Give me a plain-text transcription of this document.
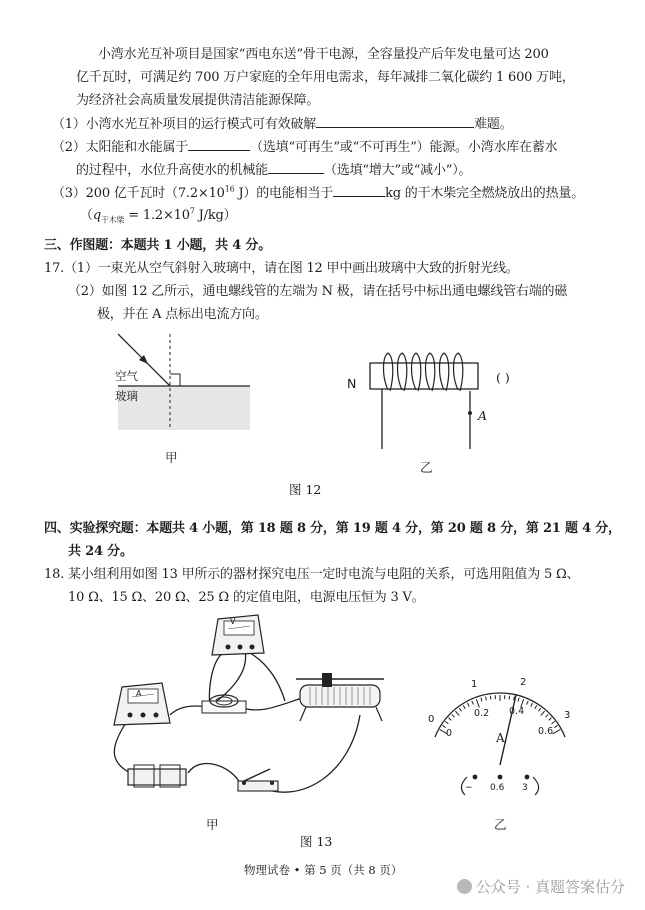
小湾水光互补项目是国家“西电东送”骨干电源，全容量投产后年发电量可达 200
亿千瓦时，可满足约 700 万户家庭的全年用电需求，每年减排二氧化碳约 1 600 万吨，
为经济社会高质量发展提供清洁能源保障。
（1）小湾水光互补项目的运行模式可有效破解	难题。
（2）太阳能和水能属于	（选填“可再生”或“不可再生”）能源。小湾水库在蓄水
的过程中，水位升高使水的机械能	（选填“增大”或“减小”）。
（3）200 亿千瓦时（$7.2\times 10^{16}$ J）的电能相当于	kg 的干木柴完全燃烧放出的热量。
（$q_{干木柴} = 1.2\times 10^7$ J/kg）
三、作图题：本题共 1 小题，共 4 分。
17.（1）一束光从空气斜射入玻璃中，请在图 12 甲中画出玻璃中大致的折射光线。
（2）如图 12 乙所示，通电螺线管的左端为 N 极，请在括号中标出通电螺线管右端的磁
极，并在 A 点标出电流方向。
空气
玻璃
甲
N	( )
A
乙
图 12
四、实验探究题：本题共 4 小题，第 18 题 8 分，第 19 题 4 分，第 20 题 8 分，第 21 题 4 分，
共 24 分。
18. 某小组利用如图 13 甲所示的器材探究电压一定时电流与电阻的关系，可选用阻值为 5 Ω、
10 Ω、15 Ω、20 Ω、25 Ω 的定值电阻，电源电压恒为 3 V。
V
A
甲
图 13
0
1	2
3
0
0.2 0.4
0.6
A
− 0.6 3
乙
物理试卷 • 第 5 页（共 8 页）
公众号 · 真题答案估分
